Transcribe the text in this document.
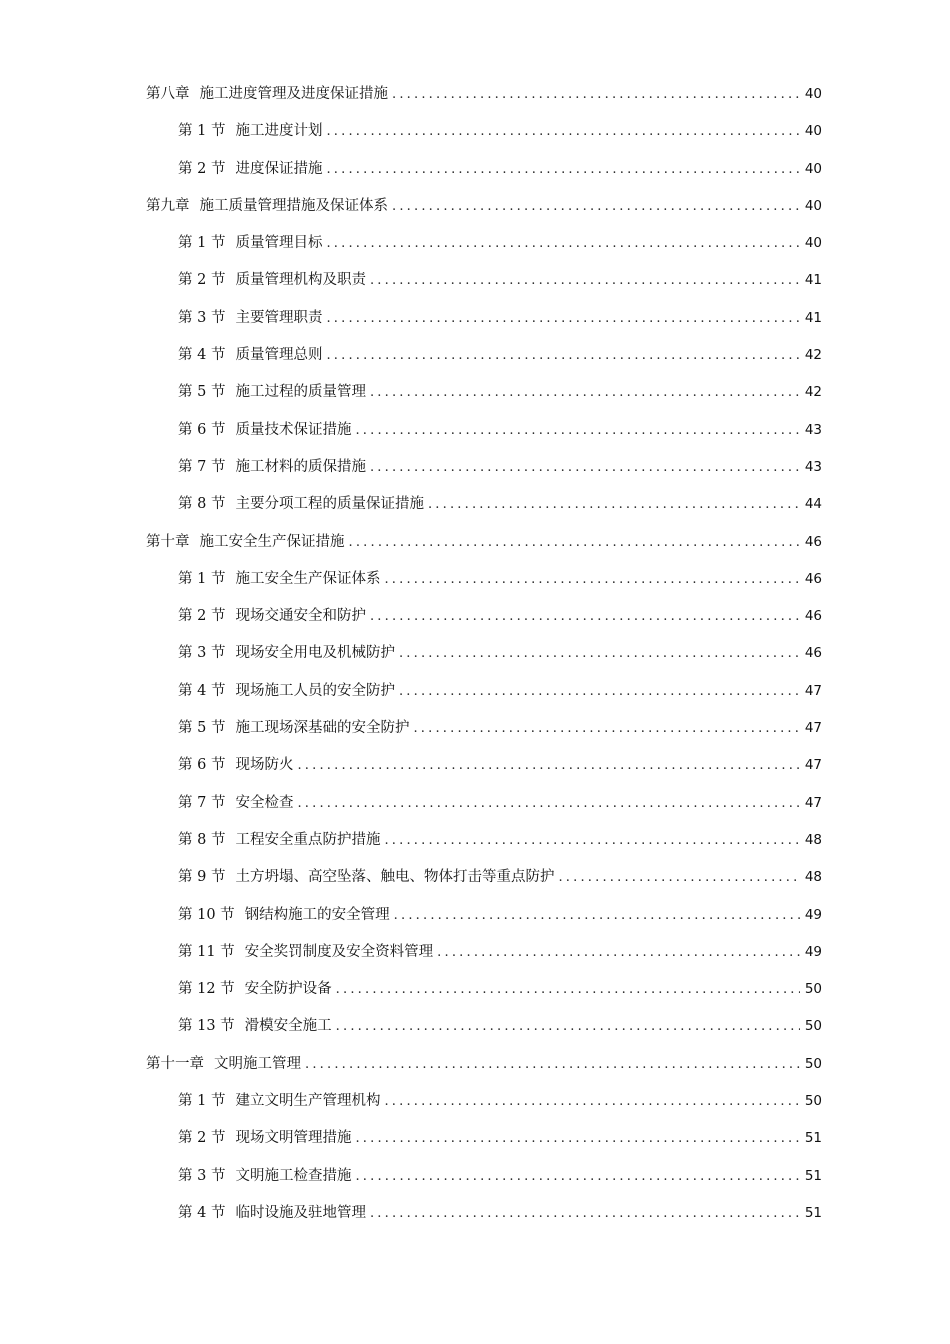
第八章 施工进度管理及进度保证措施 .....	40
第 1 节 施工进度计划 .....	40
第 2 节 进度保证措施 .....	40
第九章 施工质量管理措施及保证体系 .....	40
第 1 节 质量管理目标 .....	40
第 2 节 质量管理机构及职责 .....	41
第 3 节 主要管理职责 .....	41
第 4 节 质量管理总则 .....	42
第 5 节 施工过程的质量管理 .....	42
第 6 节 质量技术保证措施 .....	43
第 7 节 施工材料的质保措施 .....	43
第 8 节 主要分项工程的质量保证措施 .....	44
第十章 施工安全生产保证措施 .....	46
第 1 节 施工安全生产保证体系 .....	46
第 2 节 现场交通安全和防护 .....	46
第 3 节 现场安全用电及机械防护 .....	46
第 4 节 现场施工人员的安全防护 .....	47
第 5 节 施工现场深基础的安全防护 .....	47
第 6 节 现场防火 .....	47
第 7 节 安全检查 .....	47
第 8 节 工程安全重点防护措施 .....	48
第 9 节 土方坍塌、高空坠落、触电、物体打击等重点防护 .....	48
第 10 节 钢结构施工的安全管理 .....	49
第 11 节 安全奖罚制度及安全资料管理 .....	49
第 12 节 安全防护设备 .....	50
第 13 节 滑模安全施工 .....	50
第十一章 文明施工管理 .....	50
第 1 节 建立文明生产管理机构 .....	50
第 2 节 现场文明管理措施 .....	51
第 3 节 文明施工检查措施 .....	51
第 4 节 临时设施及驻地管理 .....	51
